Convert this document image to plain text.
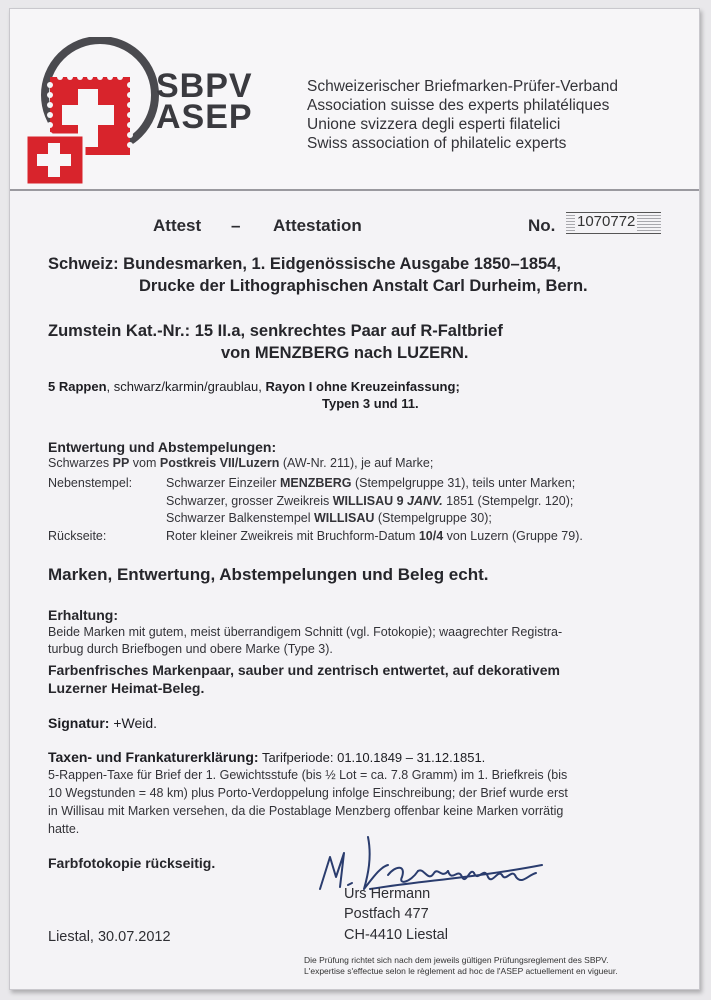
SBPV
ASEP
Schweizerischer Briefmarken-Prüfer-Verband
Association suisse des experts philatéliques
Unione svizzera degli esperti filatelici
Swiss association of philatelic experts
Attest – Attestation	No. 1070772
Schweiz: Bundesmarken, 1. Eidgenössische Ausgabe 1850–1854,
Drucke der Lithographischen Anstalt Carl Durheim, Bern.
Zumstein Kat.-Nr.: 15 II.a, senkrechtes Paar auf R-Faltbrief
von MENZBERG nach LUZERN.
5 Rappen, schwarz/karmin/graublau, Rayon I ohne Kreuzeinfassung;
Typen 3 und 11.
Entwertung und Abstempelungen:
Schwarzes PP vom Postkreis VII/Luzern (AW-Nr. 211), je auf Marke;
Nebenstempel:	Schwarzer Einzeiler MENZBERG (Stempelgruppe 31), teils unter Marken;
Schwarzer, grosser Zweikreis WILLISAU 9 JANV. 1851 (Stempelgr. 120);
Schwarzer Balkenstempel WILLISAU (Stempelgruppe 30);
Rückseite:	Roter kleiner Zweikreis mit Bruchform-Datum 10/4 von Luzern (Gruppe 79).
Marken, Entwertung, Abstempelungen und Beleg echt.
Erhaltung:
Beide Marken mit gutem, meist überrandigem Schnitt (vgl. Fotokopie); waagrechter Registra-
turbug durch Briefbogen und obere Marke (Type 3).
Farbenfrisches Markenpaar, sauber und zentrisch entwertet, auf dekorativem
Luzerner Heimat-Beleg.
Signatur: +Weid.
Taxen- und Frankaturerklärung: Tarifperiode: 01.10.1849 – 31.12.1851.
5-Rappen-Taxe für Brief der 1. Gewichtsstufe (bis ½ Lot = ca. 7.8 Gramm) im 1. Briefkreis (bis
10 Wegstunden = 48 km) plus Porto-Verdoppelung infolge Einschreibung; der Brief wurde erst
in Willisau mit Marken versehen, da die Postablage Menzberg offenbar keine Marken vorrätig
hatte.
Farbfotokopie rückseitig.
Urs Hermann
Postfach 477
CH-4410 Liestal
Liestal, 30.07.2012
Die Prüfung richtet sich nach dem jeweils gültigen Prüfungsreglement des SBPV.
L'expertise s'effectue selon le règlement ad hoc de l'ASEP actuellement en vigueur.
